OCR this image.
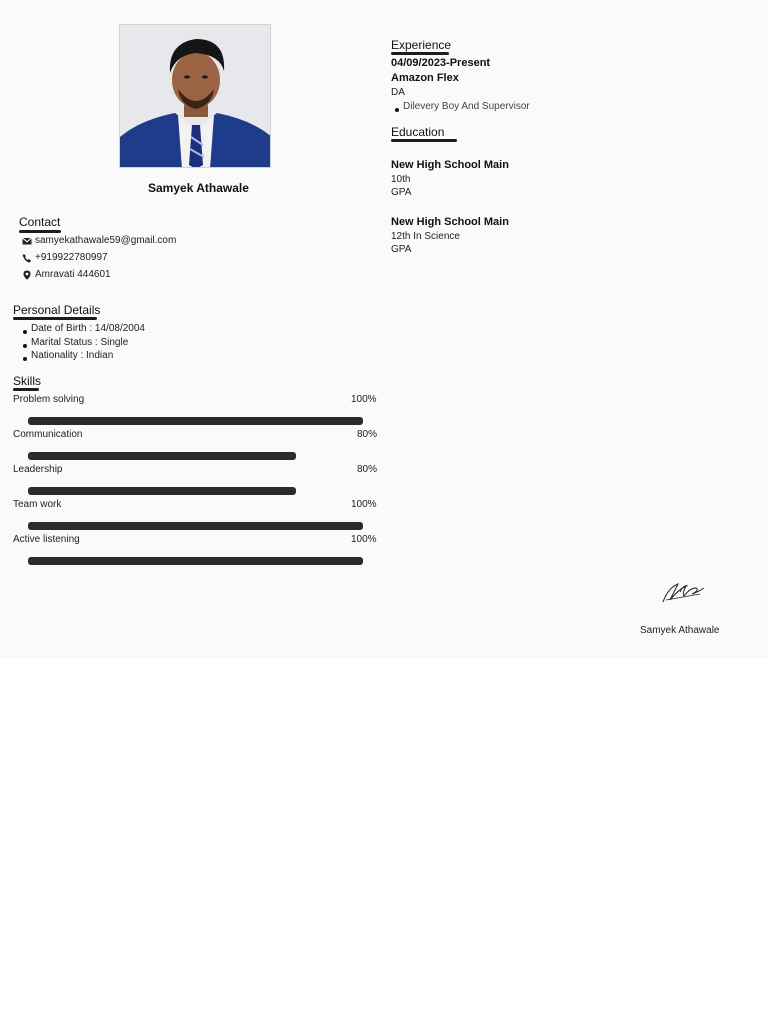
Samyek Athawale
Contact
samyekathawale59@gmail.com
+919922780997
Amravati 444601
Personal Details
Date of Birth : 14/08/2004
Marital Status : Single
Nationality : Indian
Skills
Problem solving	100%
Communication	80%
Leadership	80%
Team work	100%
Active listening	100%
Experience
04/09/2023-Present
Amazon Flex
DA
Dilevery Boy And Supervisor
Education
New High School Main
10th
GPA
New High School Main
12th In Science
GPA
Samyek Athawale
